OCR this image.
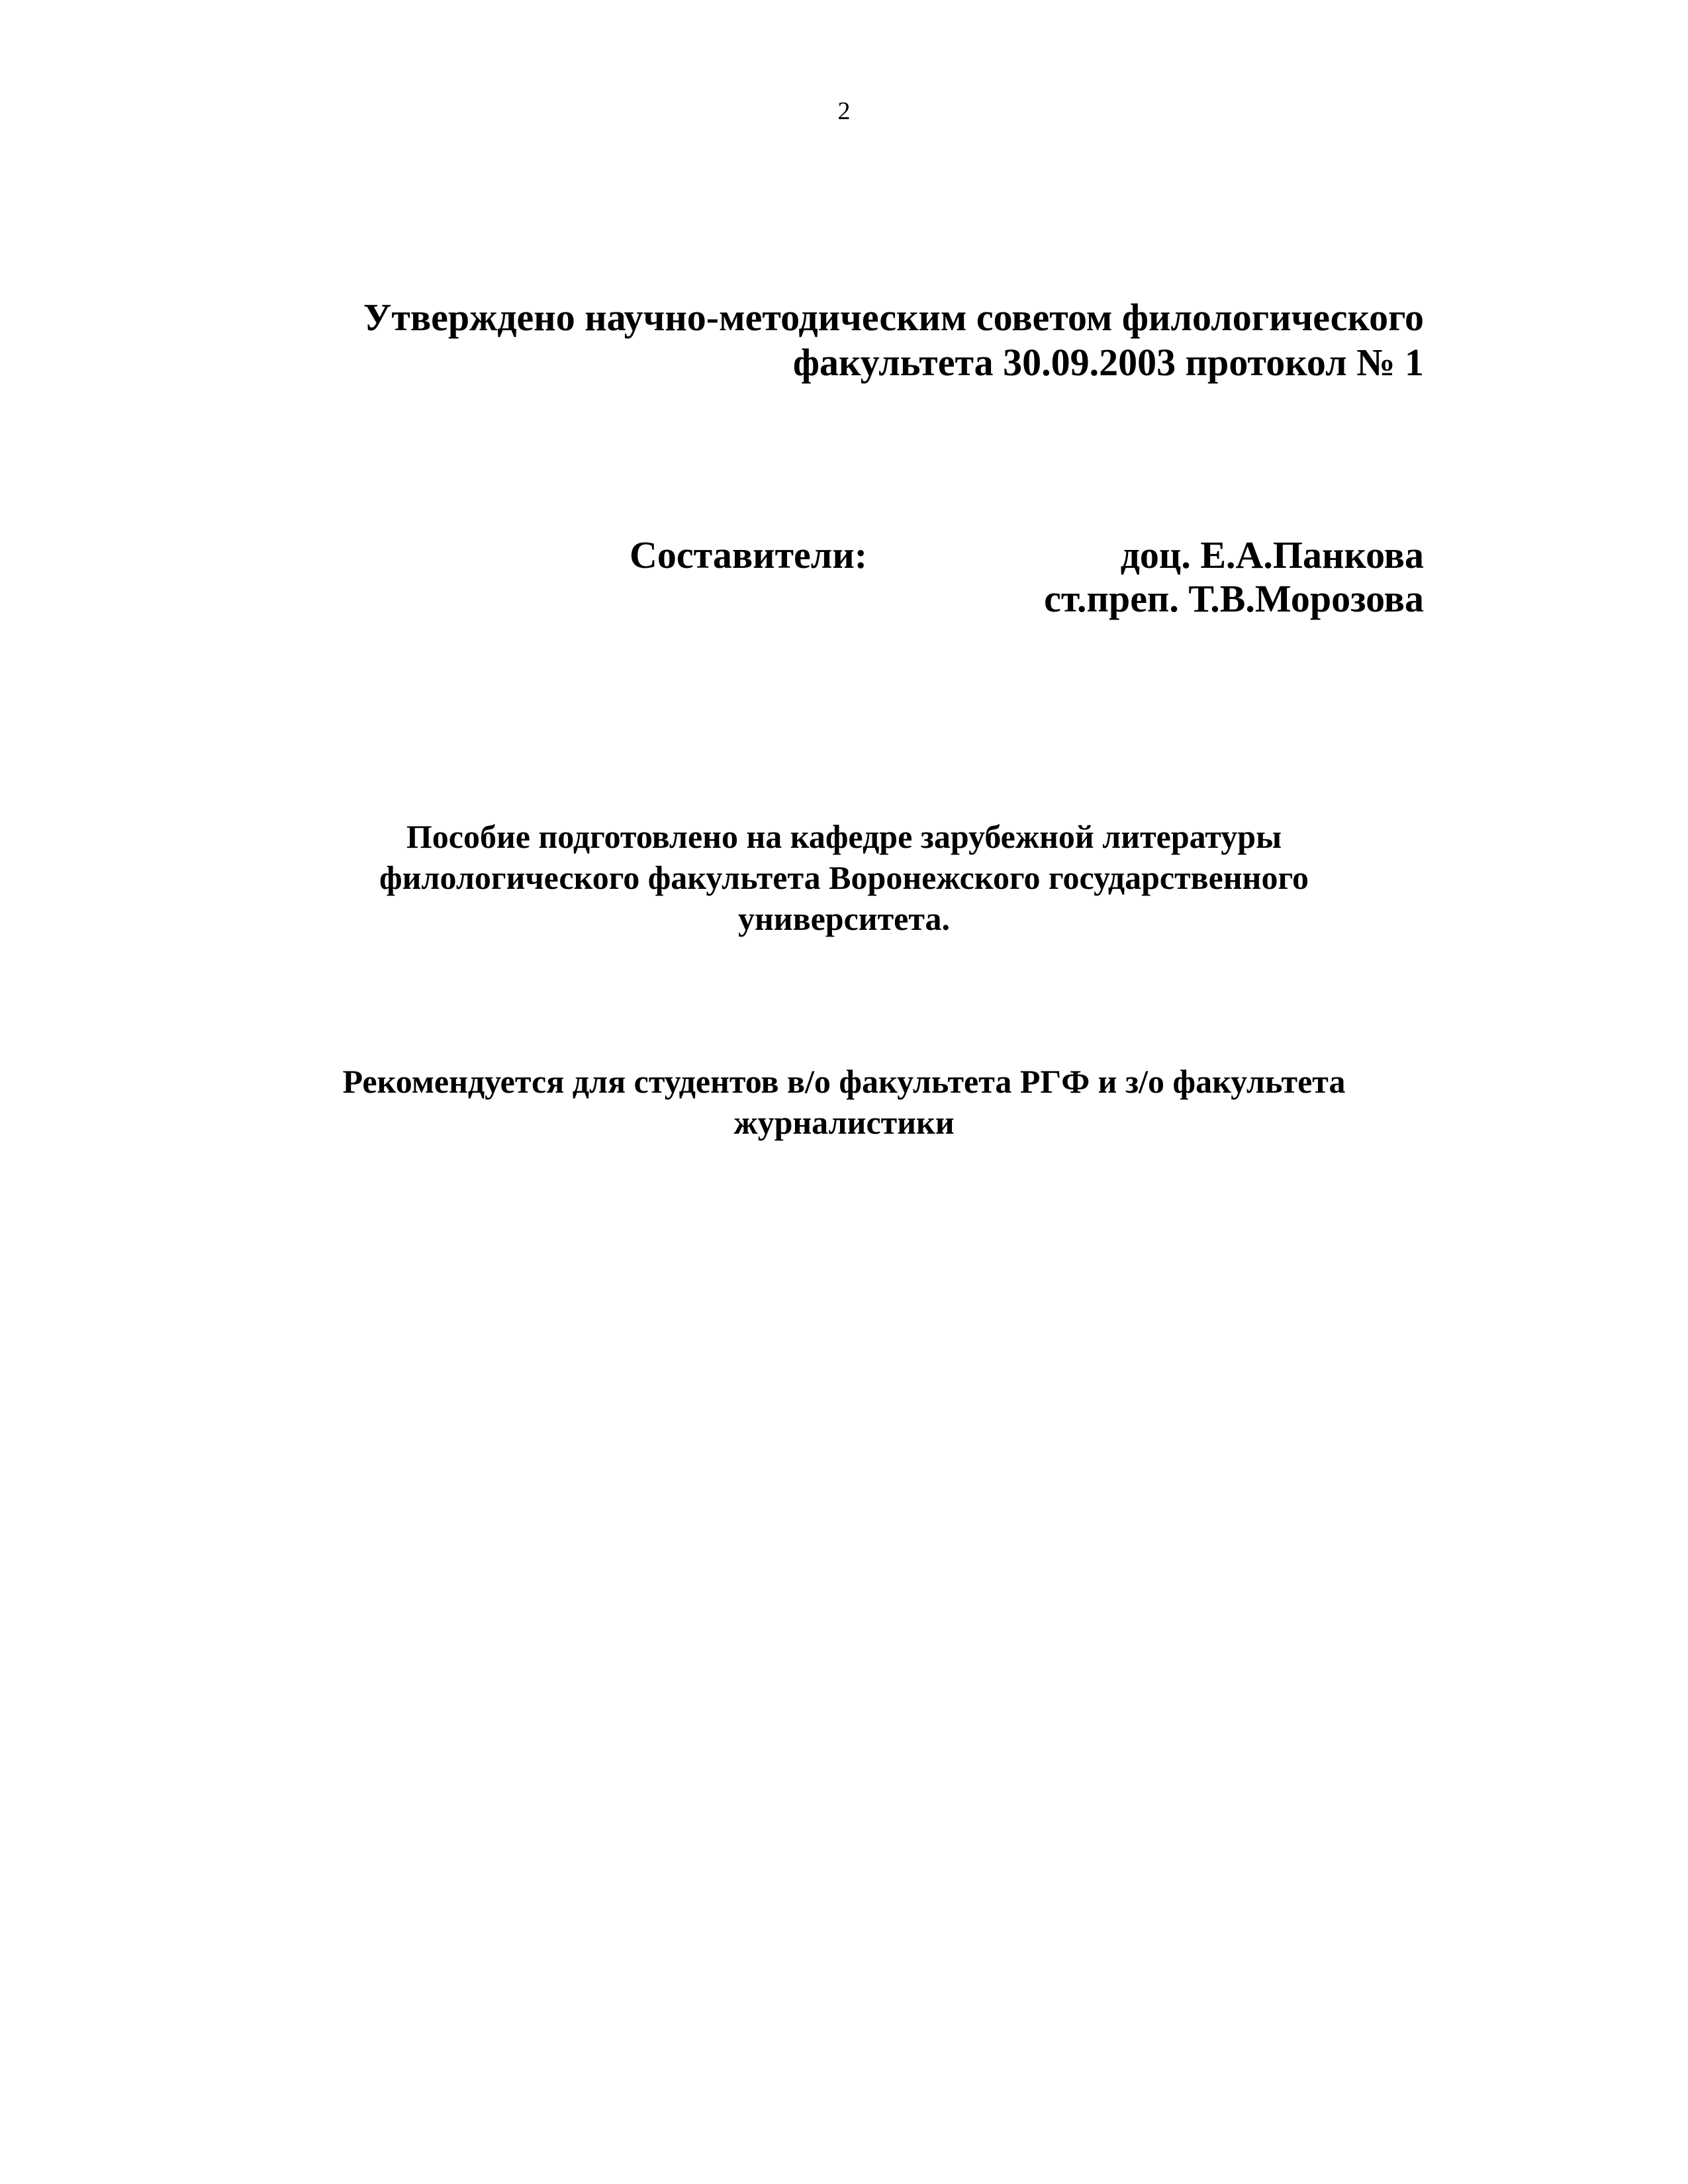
2
Утверждено научно-методическим советом филологического
факультета 30.09.2003 протокол № 1
Составители:	доц. Е.А.Панкова
ст.преп. Т.В.Морозова
Пособие подготовлено на кафедре зарубежной литературы
филологического факультета Воронежского государственного
университета.
Рекомендуется для студентов в/о факультета РГФ и з/о факультета
журналистики
